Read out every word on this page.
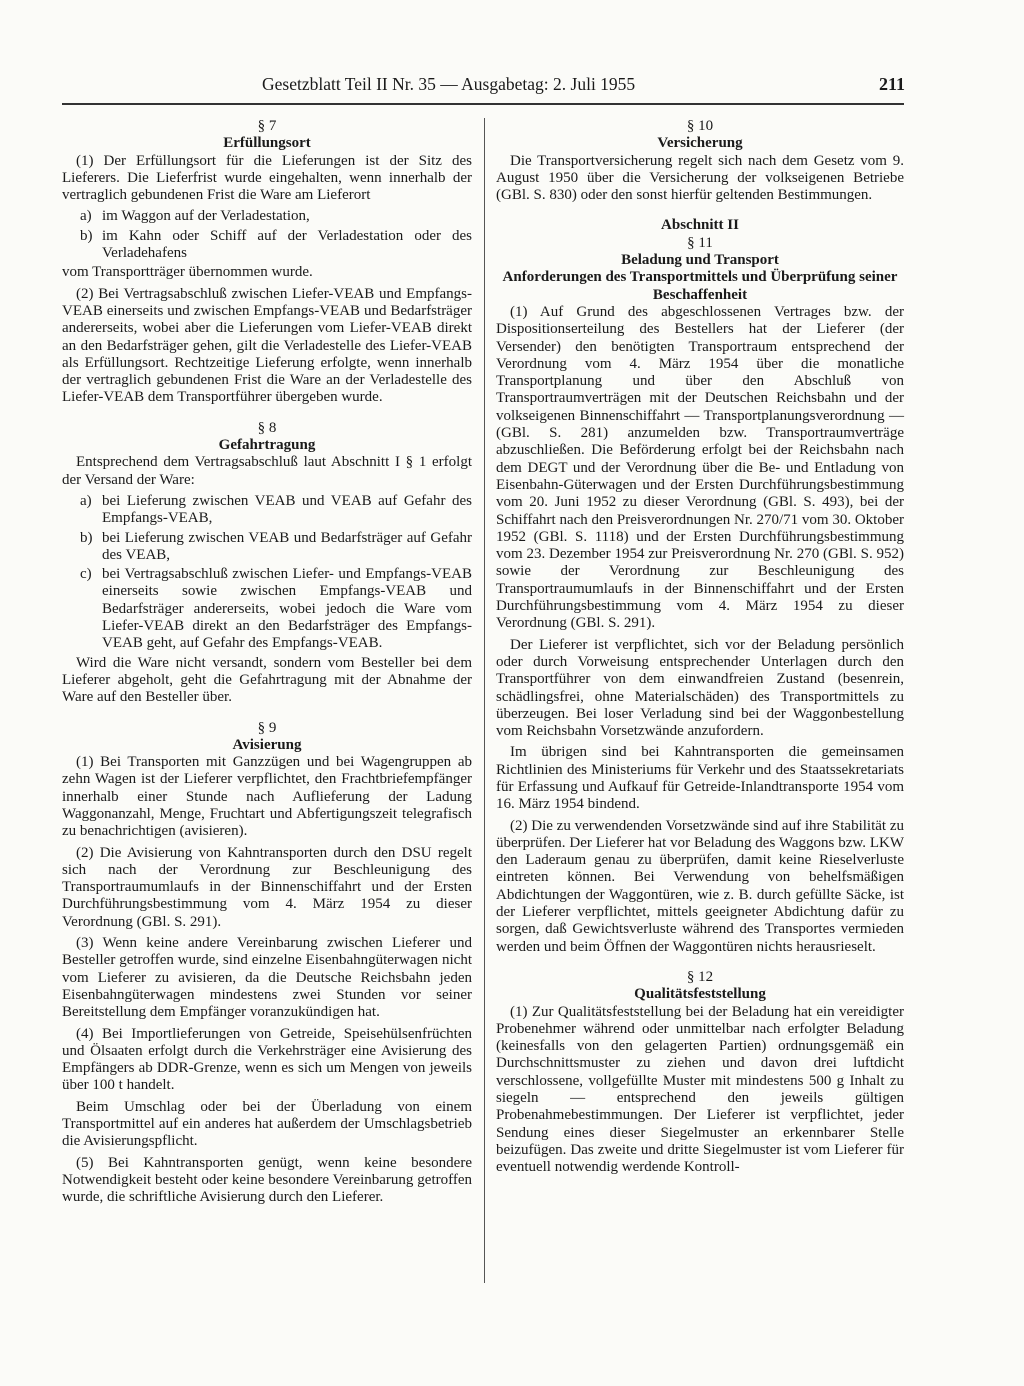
Gesetzblatt Teil II Nr. 35 — Ausgabetag: 2. Juli 1955	211
§ 7
Erfüllungsort

(1) Der Erfüllungsort für die Lieferungen ist der Sitz des Lieferers. Die Lieferfrist wurde eingehalten, wenn innerhalb der vertraglich gebundenen Frist die Ware am Lieferort

a) im Waggon auf der Verladestation,
b) im Kahn oder Schiff auf der Verladestation oder des Verladehafens

vom Transportträger übernommen wurde.

(2) Bei Vertragsabschluß zwischen Liefer-VEAB und Empfangs-VEAB einerseits und zwischen Empfangs-VEAB und Bedarfsträger andererseits, wobei aber die Lieferungen vom Liefer-VEAB direkt an den Bedarfsträger gehen, gilt die Verladestelle des Liefer-VEAB als Erfüllungsort. Rechtzeitige Lieferung erfolgte, wenn innerhalb der vertraglich gebundenen Frist die Ware an der Verladestelle des Liefer-VEAB dem Transportführer übergeben wurde.

§ 8
Gefahrtragung

Entsprechend dem Vertragsabschluß laut Abschnitt I § 1 erfolgt der Versand der Ware:

a) bei Lieferung zwischen VEAB und VEAB auf Gefahr des Empfangs-VEAB,
b) bei Lieferung zwischen VEAB und Bedarfsträger auf Gefahr des VEAB,
c) bei Vertragsabschluß zwischen Liefer- und Empfangs-VEAB einerseits sowie zwischen Empfangs-VEAB und Bedarfsträger andererseits, wobei jedoch die Ware vom Liefer-VEAB direkt an den Bedarfsträger des Empfangs-VEAB geht, auf Gefahr des Empfangs-VEAB.

Wird die Ware nicht versandt, sondern vom Besteller bei dem Lieferer abgeholt, geht die Gefahrtragung mit der Abnahme der Ware auf den Besteller über.

§ 9
Avisierung

(1) Bei Transporten mit Ganzzügen und bei Wagengruppen ab zehn Wagen ist der Lieferer verpflichtet, den Frachtbriefempfänger innerhalb einer Stunde nach Auflieferung der Ladung Waggonanzahl, Menge, Fruchtart und Abfertigungszeit telegrafisch zu benachrichtigen (avisieren).

(2) Die Avisierung von Kahntransporten durch den DSU regelt sich nach der Verordnung zur Beschleunigung des Transportraumumlaufs in der Binnenschiffahrt und der Ersten Durchführungsbestimmung vom 4. März 1954 zu dieser Verordnung (GBl. S. 291).

(3) Wenn keine andere Vereinbarung zwischen Lieferer und Besteller getroffen wurde, sind einzelne Eisenbahngüterwagen nicht vom Lieferer zu avisieren, da die Deutsche Reichsbahn jeden Eisenbahngüterwagen mindestens zwei Stunden vor seiner Bereitstellung dem Empfänger voranzukündigen hat.

(4) Bei Importlieferungen von Getreide, Speisehülsenfrüchten und Ölsaaten erfolgt durch die Verkehrsträger eine Avisierung des Empfängers ab DDR-Grenze, wenn es sich um Mengen von jeweils über 100 t handelt.

Beim Umschlag oder bei der Überladung von einem Transportmittel auf ein anderes hat außerdem der Umschlagsbetrieb die Avisierungspflicht.

(5) Bei Kahntransporten genügt, wenn keine besondere Notwendigkeit besteht oder keine besondere Vereinbarung getroffen wurde, die schriftliche Avisierung durch den Lieferer.

§ 10
Versicherung

Die Transportversicherung regelt sich nach dem Gesetz vom 9. August 1950 über die Versicherung der volkseigenen Betriebe (GBl. S. 830) oder den sonst hierfür geltenden Bestimmungen.

Abschnitt II
§ 11
Beladung und Transport
Anforderungen des Transportmittels und Überprüfung seiner Beschaffenheit

(1) Auf Grund des abgeschlossenen Vertrages bzw. der Dispositionserteilung des Bestellers hat der Lieferer (der Versender) den benötigten Transportraum entsprechend der Verordnung vom 4. März 1954 über die monatliche Transportplanung und über den Abschluß von Transportraumverträgen mit der Deutschen Reichsbahn und der volkseigenen Binnenschiffahrt — Transportplanungsverordnung — (GBl. S. 281) anzumelden bzw. Transportraumverträge abzuschließen. Die Beförderung erfolgt bei der Reichsbahn nach dem DEGT und der Verordnung über die Be- und Entladung von Eisenbahn-Güterwagen und der Ersten Durchführungsbestimmung vom 20. Juni 1952 zu dieser Verordnung (GBl. S. 493), bei der Schiffahrt nach den Preisverordnungen Nr. 270/71 vom 30. Oktober 1952 (GBl. S. 1118) und der Ersten Durchführungsbestimmung vom 23. Dezember 1954 zur Preisverordnung Nr. 270 (GBl. S. 952) sowie der Verordnung zur Beschleunigung des Transportraumumlaufs in der Binnenschiffahrt und der Ersten Durchführungsbestimmung vom 4. März 1954 zu dieser Verordnung (GBl. S. 291).

Der Lieferer ist verpflichtet, sich vor der Beladung persönlich oder durch Vorweisung entsprechender Unterlagen durch den Transportführer von dem einwandfreien Zustand (besenrein, schädlingsfrei, ohne Materialschäden) des Transportmittels zu überzeugen. Bei loser Verladung sind bei der Waggonbestellung vom Reichsbahn Vorsetzwände anzufordern.

Im übrigen sind bei Kahntransporten die gemeinsamen Richtlinien des Ministeriums für Verkehr und des Staatssekretariats für Erfassung und Aufkauf für Getreide-Inlandtransporte 1954 vom 16. März 1954 bindend.

(2) Die zu verwendenden Vorsetzwände sind auf ihre Stabilität zu überprüfen. Der Lieferer hat vor Beladung des Waggons bzw. LKW den Laderaum genau zu überprüfen, damit keine Rieselverluste eintreten können. Bei Verwendung von behelfsmäßigen Abdichtungen der Waggontüren, wie z. B. durch gefüllte Säcke, ist der Lieferer verpflichtet, mittels geeigneter Abdichtung dafür zu sorgen, daß Gewichtsverluste während des Transportes vermieden werden und beim Öffnen der Waggontüren nichts herausrieselt.

§ 12
Qualitätsfeststellung

(1) Zur Qualitätsfeststellung bei der Beladung hat ein vereidigter Probenehmer während oder unmittelbar nach erfolgter Beladung (keinesfalls von den gelagerten Partien) ordnungsgemäß ein Durchschnittsmuster zu ziehen und davon drei luftdicht verschlossene, vollgefüllte Muster mit mindestens 500 g Inhalt zu siegeln — entsprechend den jeweils gültigen Probenahmebestimmungen. Der Lieferer ist verpflichtet, jeder Sendung eines dieser Siegelmuster an erkennbarer Stelle beizufügen. Das zweite und dritte Siegelmuster ist vom Lieferer für eventuell notwendig werdende Kontroll-
